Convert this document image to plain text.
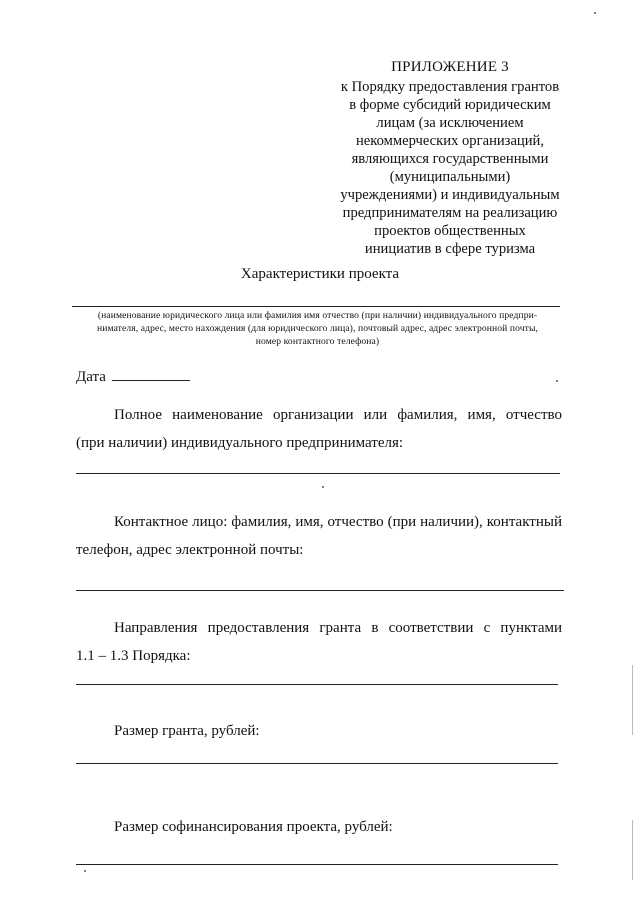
ПРИЛОЖЕНИЕ 3
к Порядку предоставления грантов
в форме субсидий юридическим
лицам (за исключением
некоммерческих организаций,
являющихся государственными
(муниципальными)
учреждениями) и индивидуальным
предпринимателям на реализацию
проектов общественных
инициатив в сфере туризма
Характеристики проекта
(наименование юридического лица или фамилия имя отчество (при наличии) индивидуального предпри-
нимателя, адрес, место нахождения (для юридического лица), почтовый адрес, адрес электронной почты,
номер контактного телефона)
Дата
Полное наименование организации или фамилия, имя, отчество
(при наличии) индивидуального предпринимателя:
Контактное лицо: фамилия, имя, отчество (при наличии), контактный
телефон, адрес электронной почты:
Направления предоставления гранта в соответствии с пунктами
1.1 – 1.3 Порядка:
Размер гранта, рублей:
Размер софинансирования проекта, рублей:
